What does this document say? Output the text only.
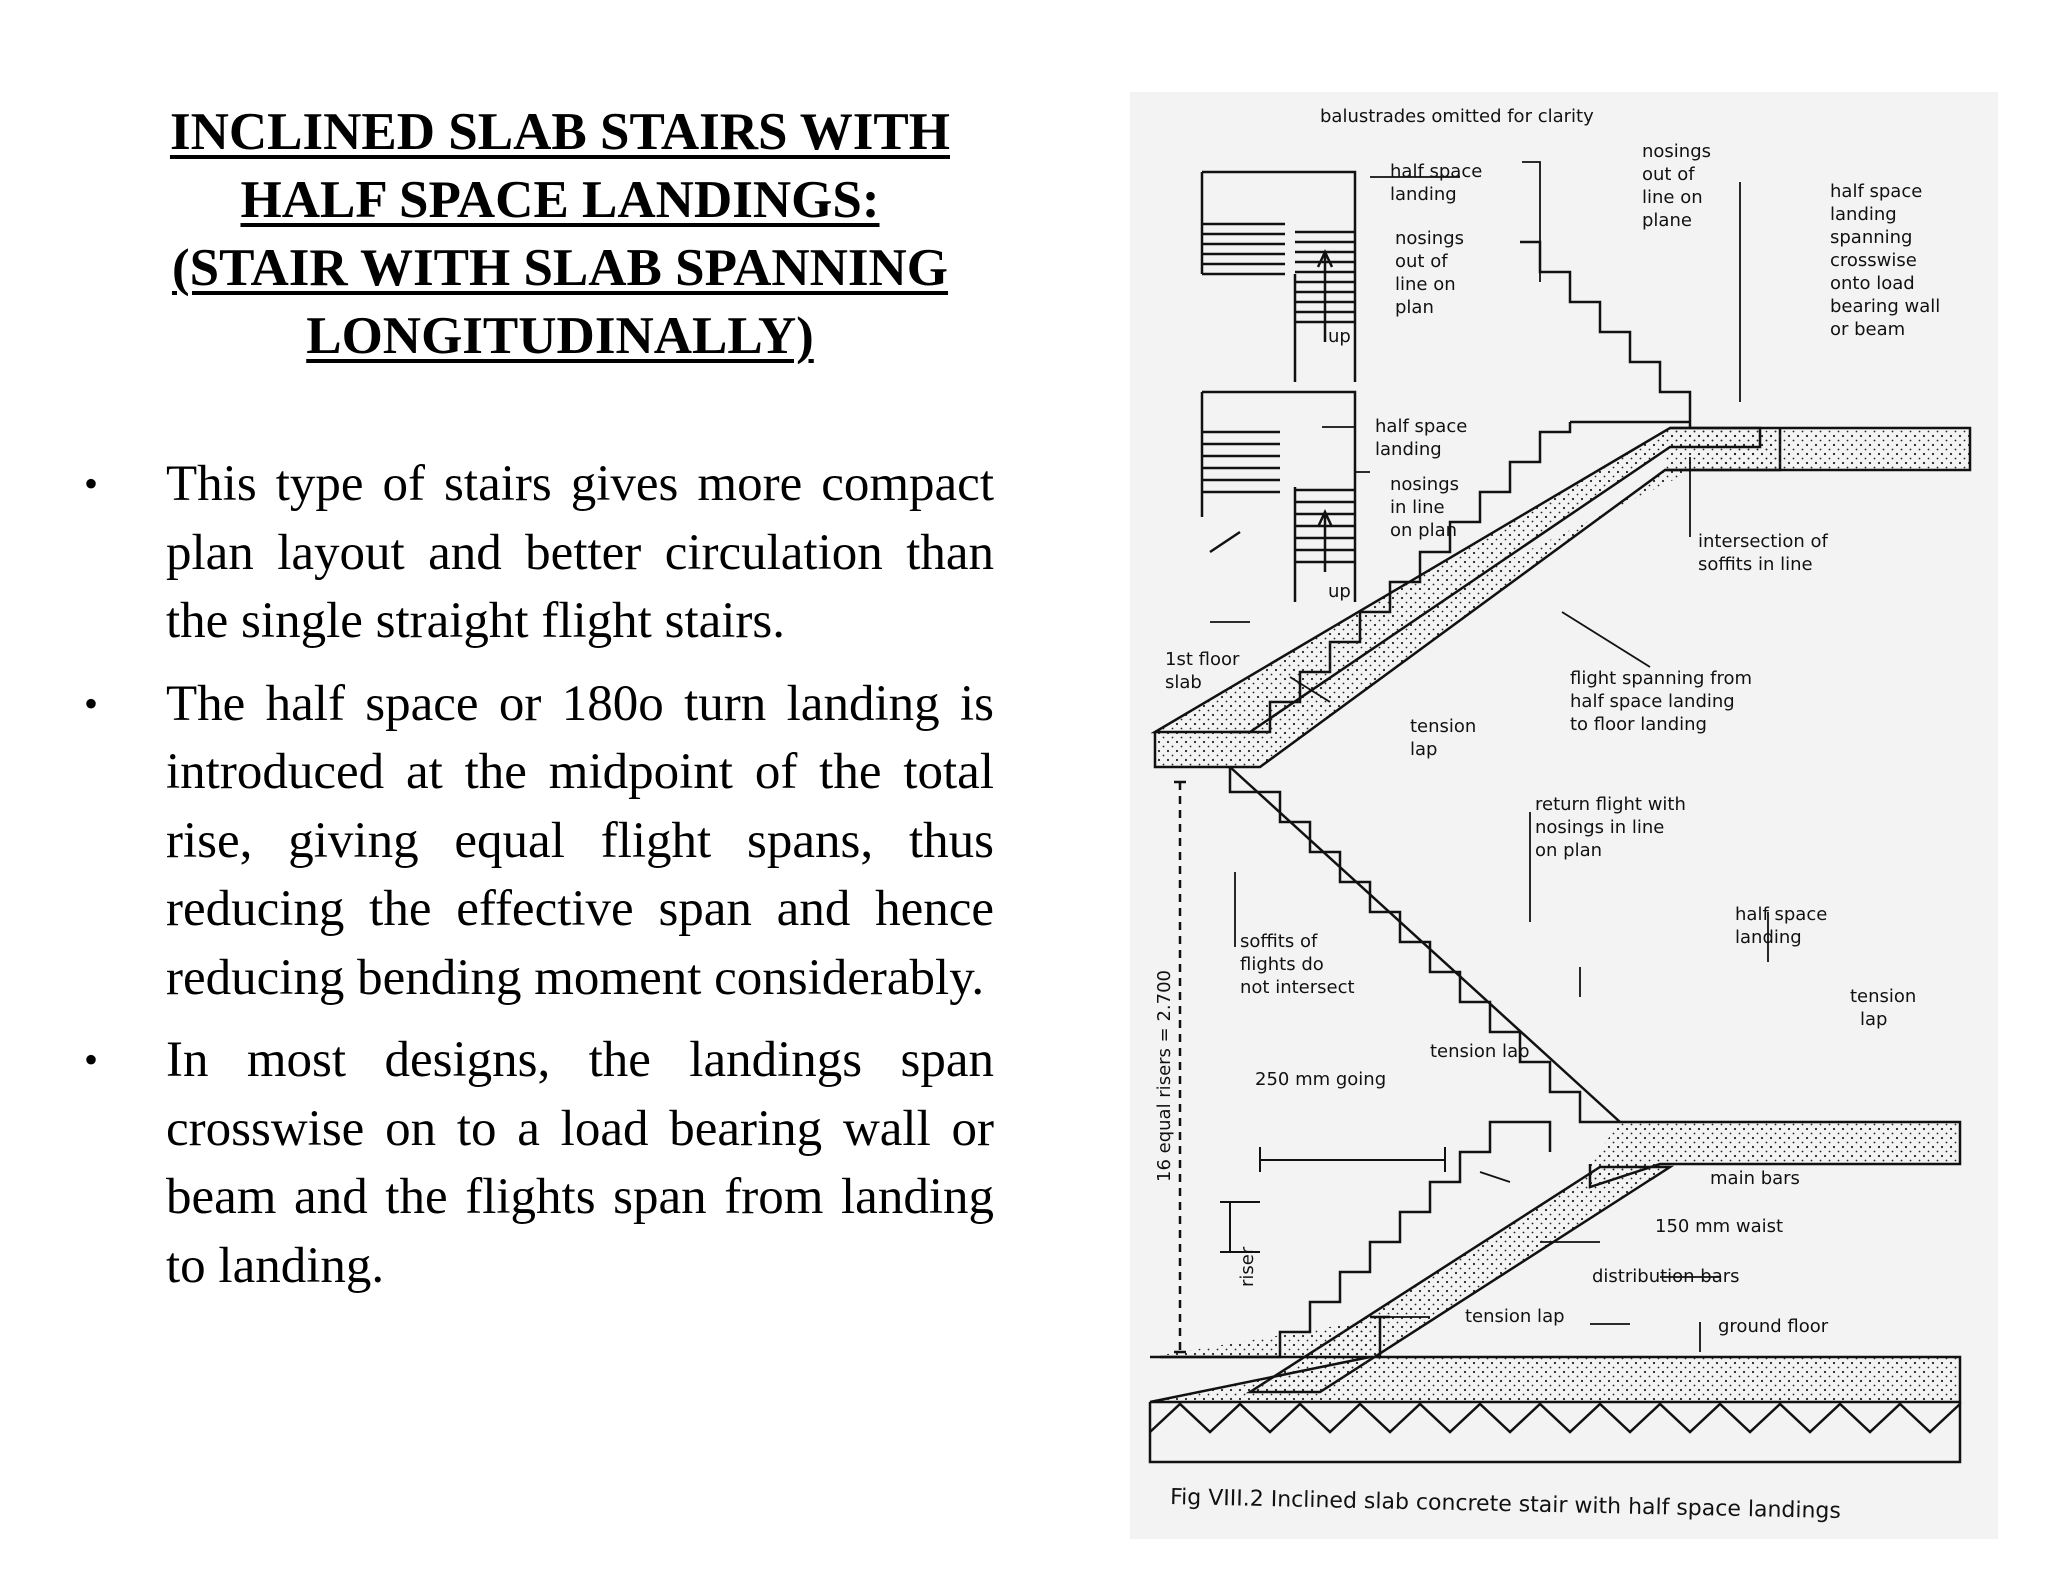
INCLINED SLAB STAIRS WITH
HALF SPACE LANDINGS:
(STAIR WITH SLAB SPANNING
LONGITUDINALLY)
• This type of stairs gives more compact plan layout and better circulation than the single straight flight stairs.
• The half space or 180o turn landing is introduced at the midpoint of the total rise, giving equal flight spans, thus reducing the effective span and hence reducing bending moment considerably.
• In most designs, the landings span crosswise on to a load bearing wall or beam and the flights span from landing to landing.
balustrades omitted for clarity
half space
landing
nosings
out of
line on
plan
up
nosings
out of
line on
plane
half space
landing
spanning
crosswise
onto load
bearing wall
or beam
half space
landing
nosings
in line
on plan
up
intersection of
soffits in line
1st floor
slab
tension
lap
flight spanning from
half space landing
to floor landing
return flight with
nosings in line
on plan
half space
landing
soffits of
flights do
not intersect	tension
lap
tension lap
250 mm going
16 equal risers = 2.700
riser
main bars
150 mm waist
distribution bars
tension lap	ground floor
Fig VIII.2 Inclined slab concrete stair with half space landings
